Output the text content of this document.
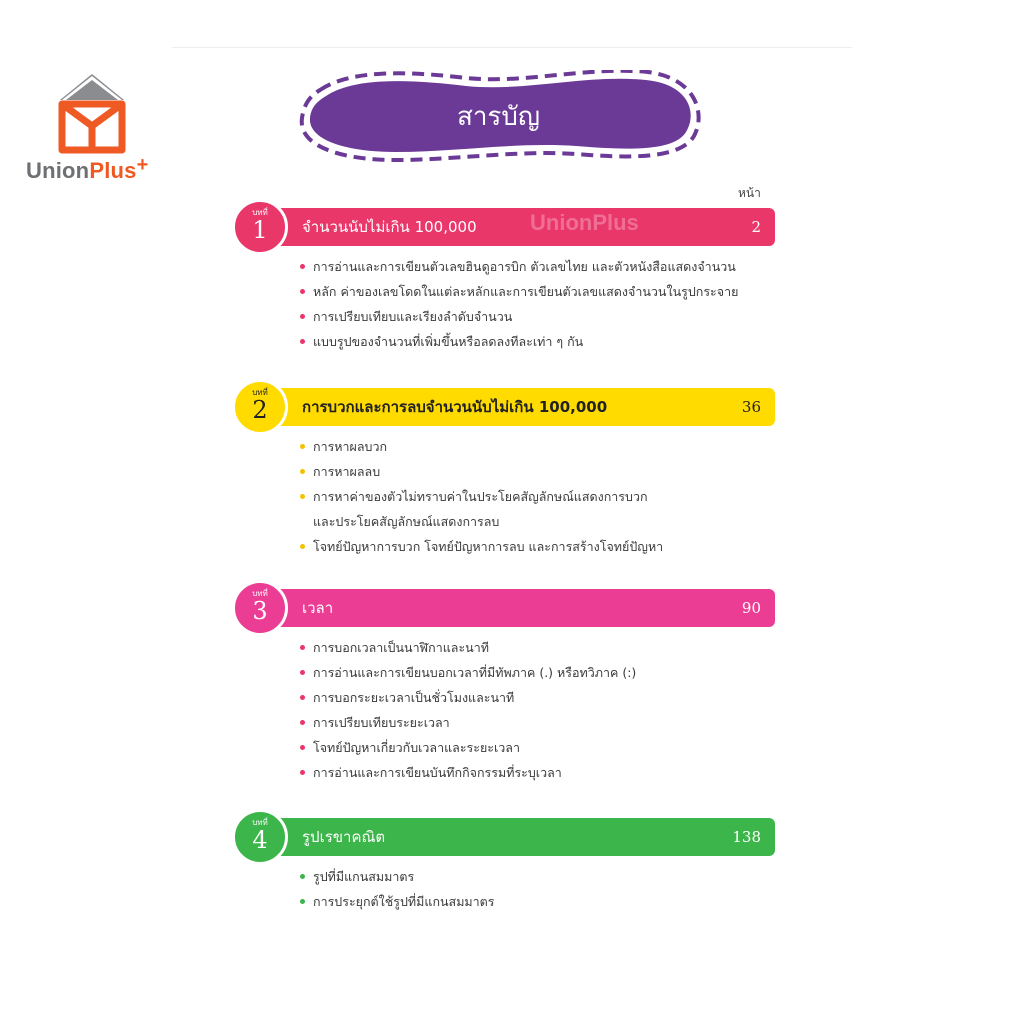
UnionPlus+
สารบัญ
หน้า
จำนวนนับไม่เกิน 100,000	2
บทที่
1
การอ่านและการเขียนตัวเลขฮินดูอารบิก ตัวเลขไทย และตัวหนังสือแสดงจำนวน
หลัก ค่าของเลขโดดในแต่ละหลักและการเขียนตัวเลขแสดงจำนวนในรูปกระจาย
การเปรียบเทียบและเรียงลำดับจำนวน
แบบรูปของจำนวนที่เพิ่มขึ้นหรือลดลงทีละเท่า ๆ กัน
UnionPlus
การบวกและการลบจำนวนนับไม่เกิน 100,000	36
บทที่
2
การหาผลบวก
การหาผลลบ
การหาค่าของตัวไม่ทราบค่าในประโยคสัญลักษณ์แสดงการบวก
และประโยคสัญลักษณ์แสดงการลบ
โจทย์ปัญหาการบวก โจทย์ปัญหาการลบ และการสร้างโจทย์ปัญหา
เวลา	90
บทที่
3
การบอกเวลาเป็นนาฬิกาและนาที
การอ่านและการเขียนบอกเวลาที่มีทัพภาค (.) หรือทวิภาค (:)
การบอกระยะเวลาเป็นชั่วโมงและนาที
การเปรียบเทียบระยะเวลา
โจทย์ปัญหาเกี่ยวกับเวลาและระยะเวลา
การอ่านและการเขียนบันทึกกิจกรรมที่ระบุเวลา
รูปเรขาคณิต	138
บทที่
4
รูปที่มีแกนสมมาตร
การประยุกต์ใช้รูปที่มีแกนสมมาตร
